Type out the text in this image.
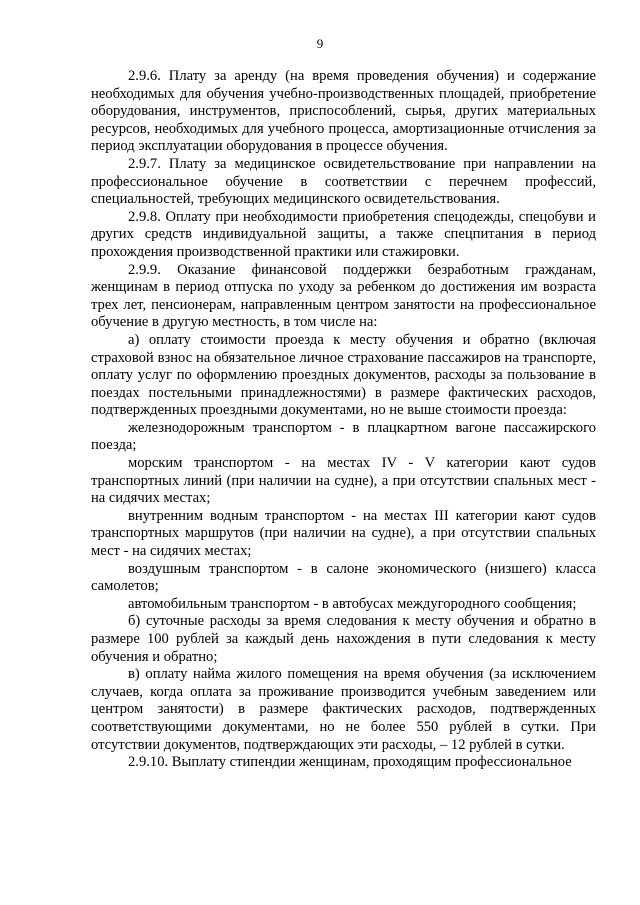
9

2.9.6. Плату за аренду (на время проведения обучения) и содержание необходимых для обучения учебно-производственных площадей, приобретение оборудования, инструментов, приспособлений, сырья, других материальных ресурсов, необходимых для учебного процесса, амортизационные отчисления за период эксплуатации оборудования в процессе обучения.

2.9.7. Плату за медицинское освидетельствование при направлении на профессиональное обучение в соответствии с перечнем профессий, специальностей, требующих медицинского освидетельствования.

2.9.8. Оплату при необходимости приобретения спецодежды, спецобуви и других средств индивидуальной защиты, а также спецпитания в период прохождения производственной практики или стажировки.

2.9.9. Оказание финансовой поддержки безработным гражданам, женщинам в период отпуска по уходу за ребенком до достижения им возраста трех лет, пенсионерам, направленным центром занятости на профессиональное обучение в другую местность, в том числе на:

а) оплату стоимости проезда к месту обучения и обратно (включая страховой взнос на обязательное личное страхование пассажиров на транспорте, оплату услуг по оформлению проездных документов, расходы за пользование в поездах постельными принадлежностями) в размере фактических расходов, подтвержденных проездными документами, но не выше стоимости проезда:

железнодорожным транспортом - в плацкартном вагоне пассажирского поезда;

морским транспортом - на местах IV - V категории кают судов транспортных линий (при наличии на судне), а при отсутствии спальных мест - на сидячих местах;

внутренним водным транспортом - на местах III категории кают судов транспортных маршрутов (при наличии на судне), а при отсутствии спальных мест - на сидячих местах;

воздушным транспортом - в салоне экономического (низшего) класса самолетов;

автомобильным транспортом - в автобусах междугородного сообщения;

б) суточные расходы за время следования к месту обучения и обратно в размере 100 рублей за каждый день нахождения в пути следования к месту обучения и обратно;

в) оплату найма жилого помещения на время обучения (за исключением случаев, когда оплата за проживание производится учебным заведением или центром занятости) в размере фактических расходов, подтвержденных соответствующими документами, но не более 550 рублей в сутки. При отсутствии документов, подтверждающих эти расходы, – 12 рублей в сутки.

2.9.10. Выплату стипендии женщинам, проходящим профессиональное
